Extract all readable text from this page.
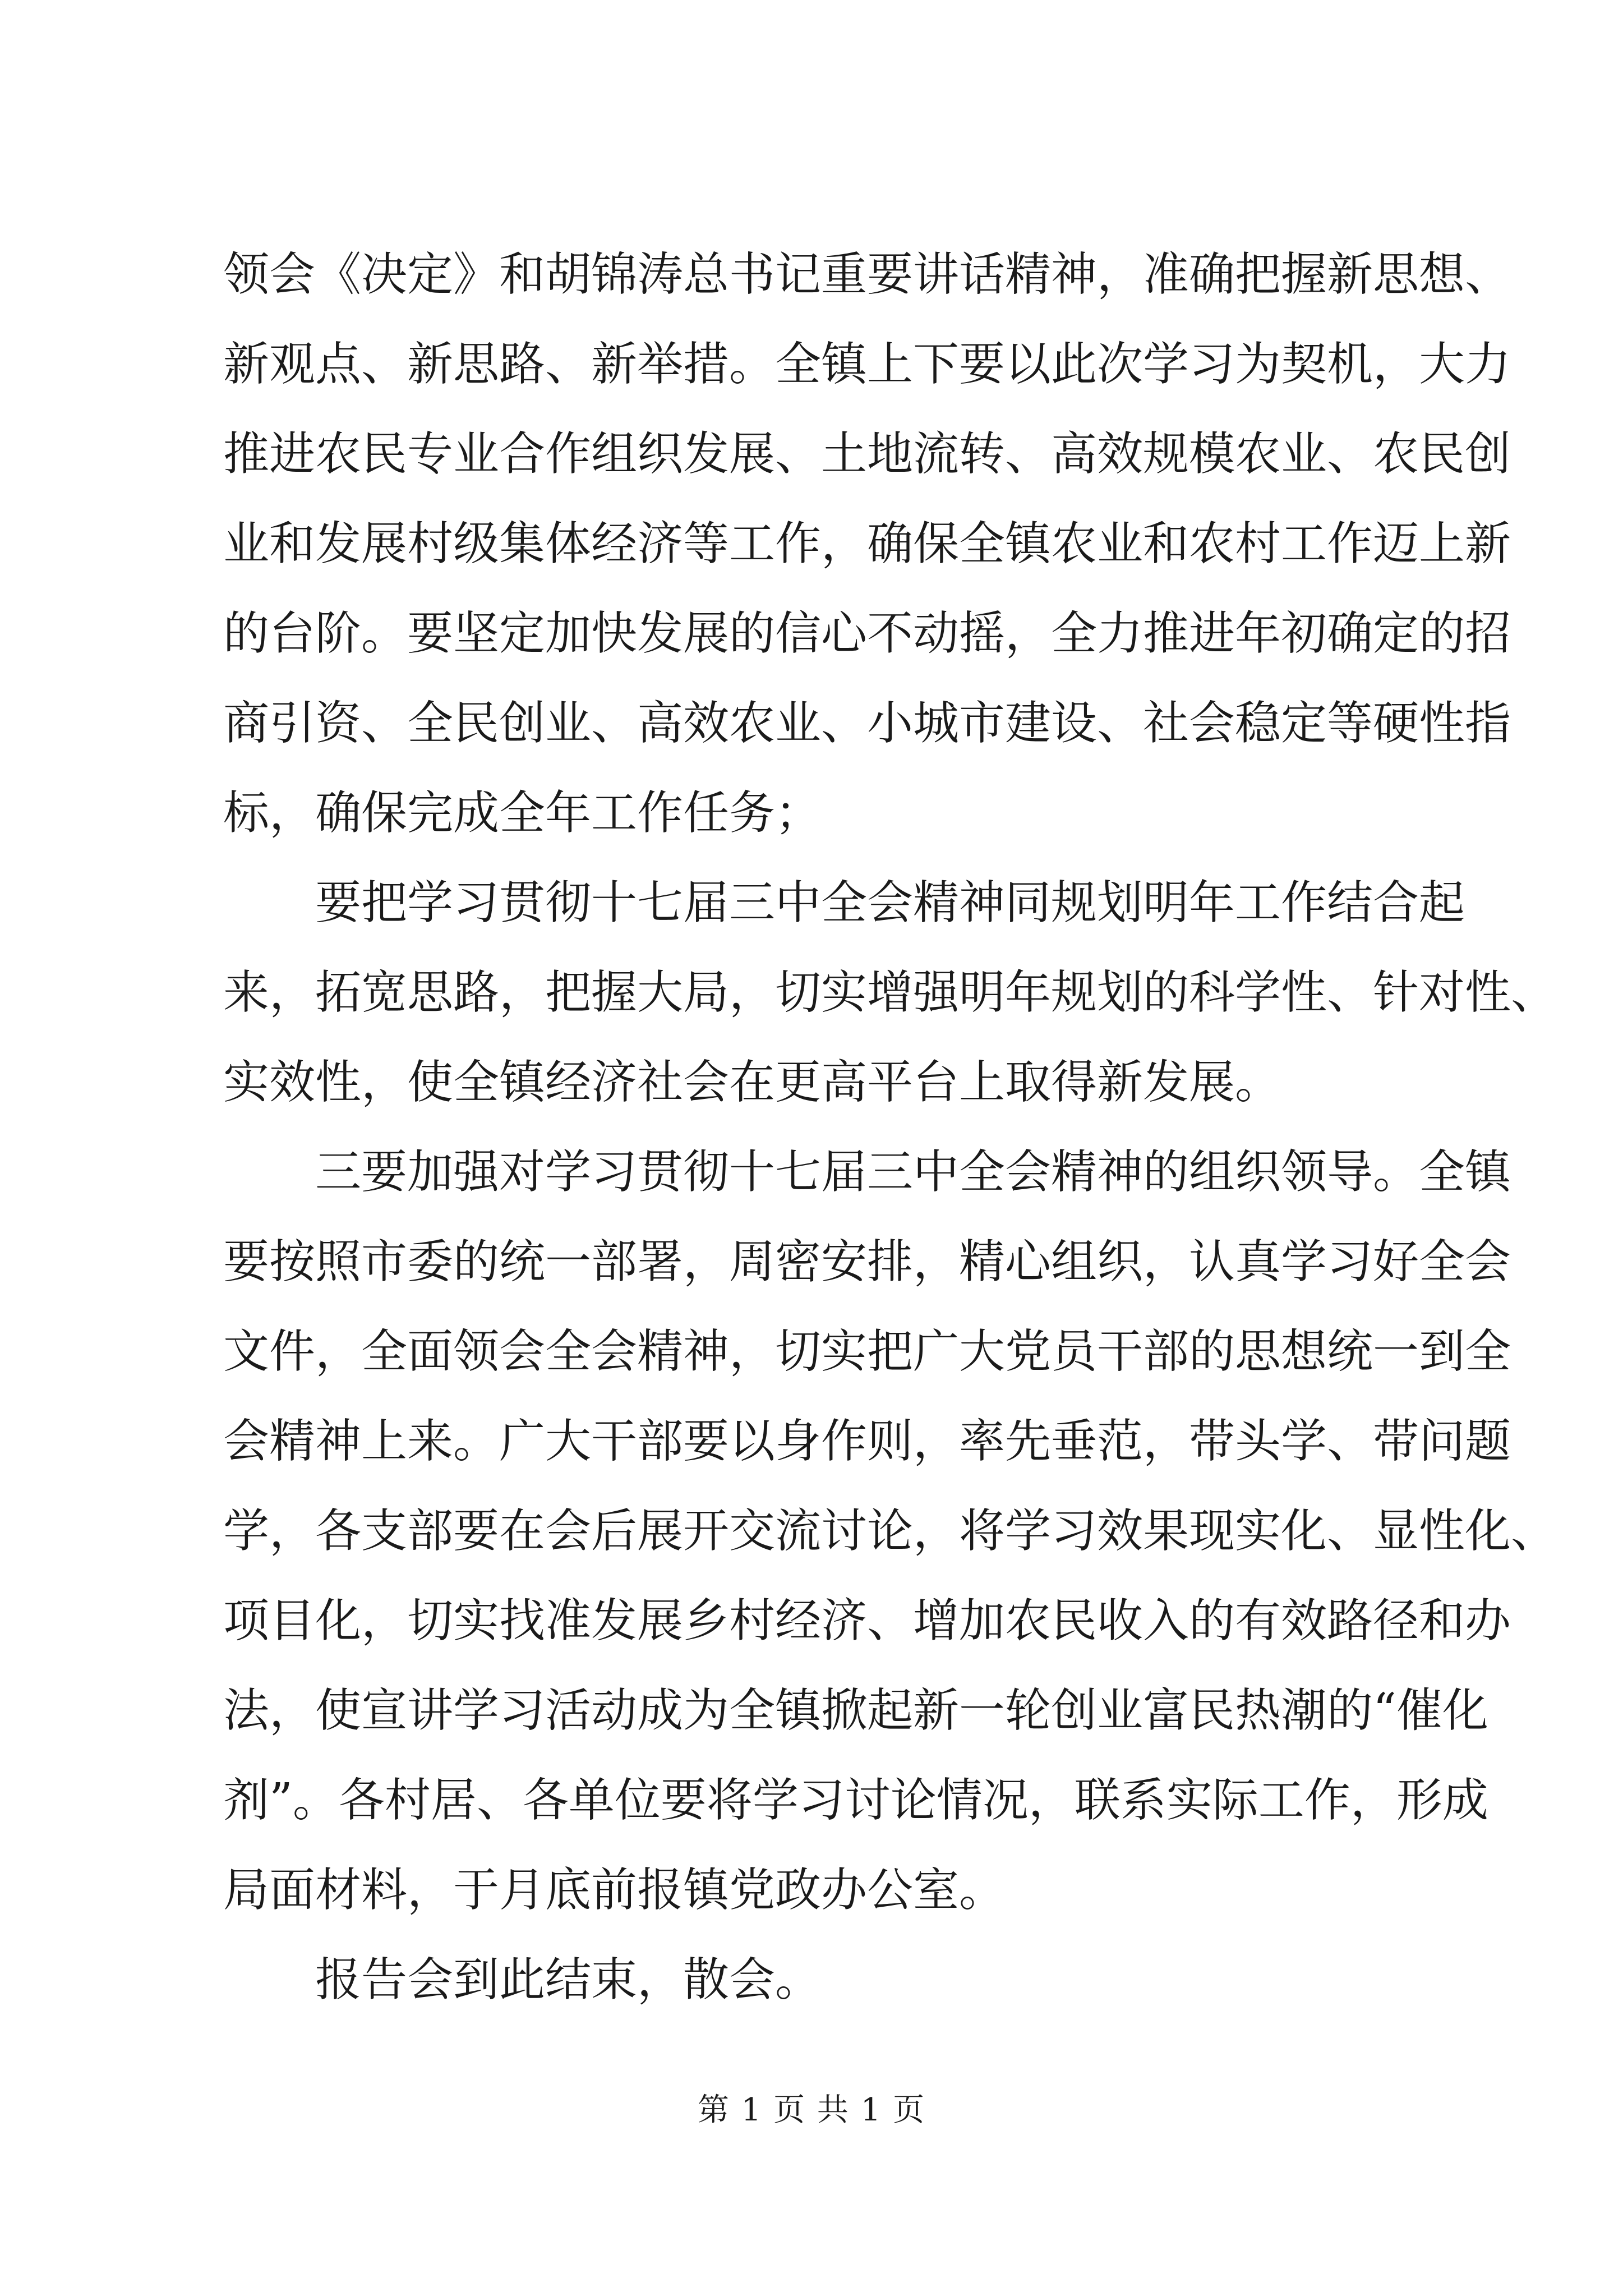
领会《决定》和胡锦涛总书记重要讲话精神，准确把握新思想、
新观点、新思路、新举措。全镇上下要以此次学习为契机，大力
推进农民专业合作组织发展、土地流转、高效规模农业、农民创
业和发展村级集体经济等工作，确保全镇农业和农村工作迈上新
的台阶。要坚定加快发展的信心不动摇，全力推进年初确定的招
商引资、全民创业、高效农业、小城市建设、社会稳定等硬性指
标，确保完成全年工作任务；
要把学习贯彻十七届三中全会精神同规划明年工作结合起
来，拓宽思路，把握大局，切实增强明年规划的科学性、针对性、
实效性，使全镇经济社会在更高平台上取得新发展。
三要加强对学习贯彻十七届三中全会精神的组织领导。全镇
要按照市委的统一部署，周密安排，精心组织，认真学习好全会
文件，全面领会全会精神，切实把广大党员干部的思想统一到全
会精神上来。广大干部要以身作则，率先垂范，带头学、带问题
学，各支部要在会后展开交流讨论，将学习效果现实化、显性化、
项目化，切实找准发展乡村经济、增加农民收入的有效路径和办
法，使宣讲学习活动成为全镇掀起新一轮创业富民热潮的“催化
剂”。各村居、各单位要将学习讨论情况，联系实际工作，形成
局面材料，于月底前报镇党政办公室。
报告会到此结束，散会。
第 1 页 共 1 页
